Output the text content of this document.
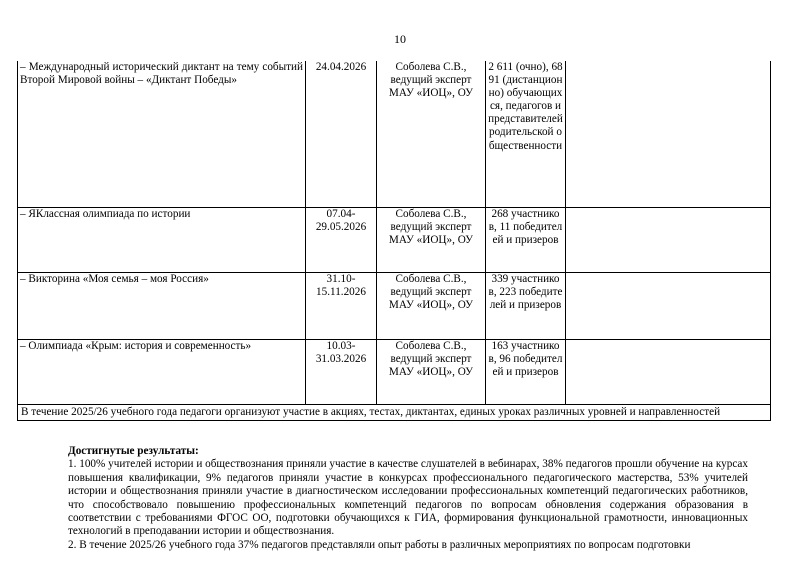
10
– Международный исторический диктант на тему событий Второй Мировой войны – «Диктант Победы»	24.04.2026	Соболева С.В., ведущий эксперт МАУ «ИОЦ», ОУ	2 611 (очно), 6891 (дистанционно) обучающихся, педагогов и представителей родительской общественности	
– ЯКлассная олимпиада по истории	07.04-29.05.2026	Соболева С.В., ведущий эксперт МАУ «ИОЦ», ОУ	268 участников, 11 победителей и призеров	
– Викторина «Моя семья – моя Россия»	31.10-15.11.2026	Соболева С.В., ведущий эксперт МАУ «ИОЦ», ОУ	339 участников, 223 победителей и призеров	
– Олимпиада «Крым: история и современность»	10.03-31.03.2026	Соболева С.В., ведущий эксперт МАУ «ИОЦ», ОУ	163 участников, 96 победителей и призеров	
В течение 2025/26 учебного года педагоги организуют участие в акциях, тестах, диктантах, единых уроках различных уровней и направленностей				
Достигнутые результаты:

1. 100% учителей истории и обществознания приняли участие в качестве слушателей в вебинарах, 38% педагогов прошли обучение на курсах повышения квалификации, 9% педагогов приняли участие в конкурсах профессионального педагогического мастерства, 53% учителей истории и обществознания приняли участие в диагностическом исследовании профессиональных компетенций педагогических работников, что способствовало повышению профессиональных компетенций педагогов по вопросам обновления содержания образования в соответствии с требованиями ФГОС ОО, подготовки обучающихся к ГИА, формирования функциональной грамотности, инновационных технологий в преподавании истории и обществознания.

2. В течение 2025/26 учебного года 37% педагогов представляли опыт работы в различных мероприятиях по вопросам подготовки
